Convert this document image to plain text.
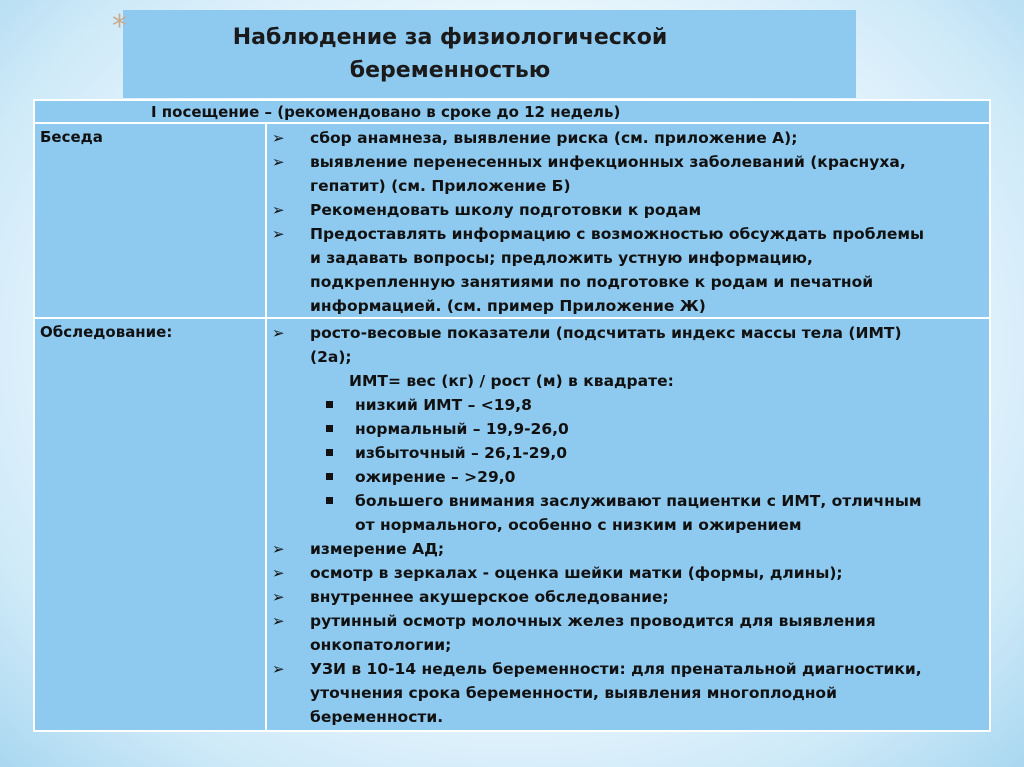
*	Наблюдение за физиологической
беременностью
I посещение – (рекомендовано в сроке до 12 недель)
Беседа
Обследование:
➢ сбор анамнеза, выявление риска (см. приложение А);
➢ выявление перенесенных инфекционных заболеваний (краснуха,
гепатит) (см. Приложение Б)
➢ Рекомендовать школу подготовки к родам
➢ Предоставлять информацию с возможностью обсуждать проблемы
и задавать вопросы; предложить устную информацию,
подкрепленную занятиями по подготовке к родам и печатной
информацией. (см. пример Приложение Ж)
➢ росто-весовые показатели (подсчитать индекс массы тела (ИМТ)
(2а);
ИМТ= вес (кг) / рост (м) в квадрате:
низкий ИМТ – <19,8
нормальный – 19,9-26,0
избыточный – 26,1-29,0
ожирение – >29,0
большего внимания заслуживают пациентки с ИМТ, отличным
от нормального, особенно с низким и ожирением
➢ измерение АД;
➢ осмотр в зеркалах - оценка шейки матки (формы, длины);
➢ внутреннее акушерское обследование;
➢ рутинный осмотр молочных желез проводится для выявления
онкопатологии;
➢ УЗИ в 10-14 недель беременности: для пренатальной диагностики,
уточнения срока беременности, выявления многоплодной
беременности.
